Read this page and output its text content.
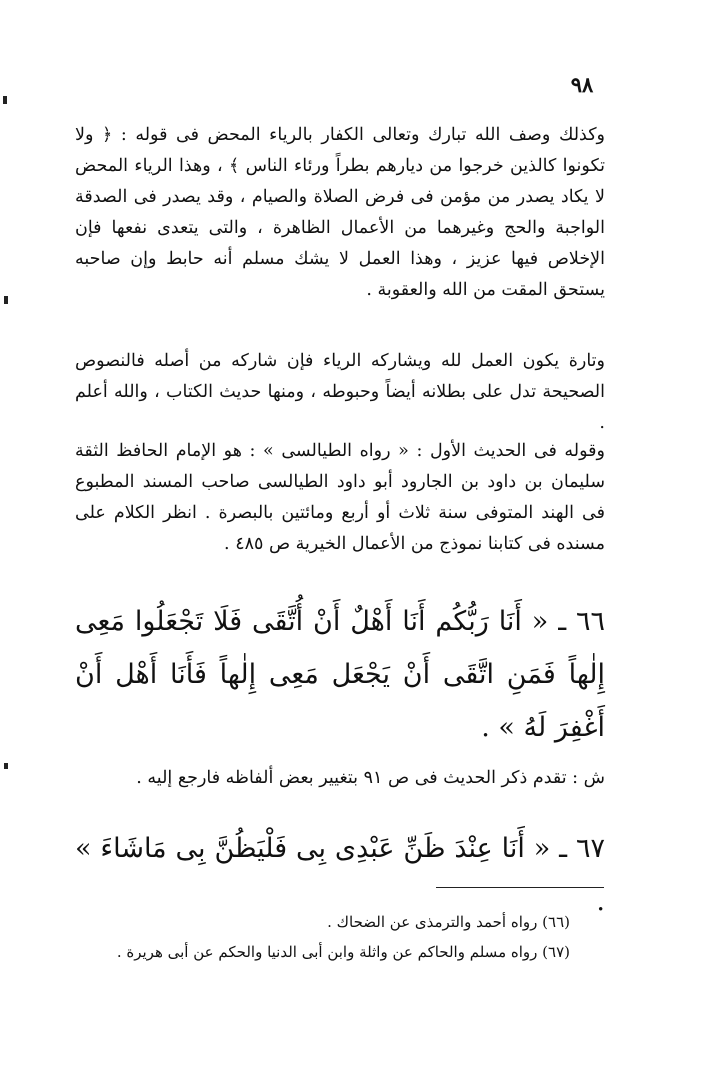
٩٨

وكذلك وصف الله تبارك وتعالى الكفار بالرياء المحض فى قوله : ﴿ ولا تكونوا كالذين خرجوا من ديارهم بطراً ورئاء الناس ﴾ ، وهذا الرياء المحض لا يكاد يصدر من مؤمن فى فرض الصلاة والصيام ، وقد يصدر فى الصدقة الواجبة والحج وغيرهما من الأعمال الظاهرة ، والتى يتعدى نفعها فإن الإخلاص فيها عزيز ، وهذا العمل لا يشك مسلم أنه حابط وإن صاحبه يستحق المقت من الله والعقوبة .

وتارة يكون العمل لله ويشاركه الرياء فإن شاركه من أصله فالنصوص الصحيحة تدل على بطلانه أيضاً وحبوطه ، ومنها حديث الكتاب ، والله أعلم .

وقوله فى الحديث الأول : « رواه الطيالسى » : هو الإمام الحافظ الثقة سليمان بن داود بن الجارود أبو داود الطيالسى صاحب المسند المطبوع فى الهند المتوفى سنة ثلاث أو أربع ومائتين بالبصرة . انظر الكلام على مسنده فى كتابنا نموذج من الأعمال الخيرية ص ٤٨٥ .

٦٦ ـ « أَنَا رَبُّكُم أَنَا أَهْلٌ أَنْ أُتَّقَى فَلَا تَجْعَلُوا مَعِى إِلٰهاً فَمَنِ اتَّقَى أَنْ يَجْعَل مَعِى إِلٰهاً فَأَنَا أَهْل أَنْ أَغْفِرَ لَهُ » .

ش : تقدم ذكر الحديث فى ص ٩١ بتغيير بعض ألفاظه فارجع إليه .

٦٧ ـ « أَنَا عِنْدَ ظَنِّ عَبْدِى بِى فَلْيَظُنَّ بِى مَاشَاءَ » .

(٦٦) رواه أحمد والترمذى عن الضحاك .

(٦٧) رواه مسلم والحاكم عن واثلة وابن أبى الدنيا والحكم عن أبى هريرة .
